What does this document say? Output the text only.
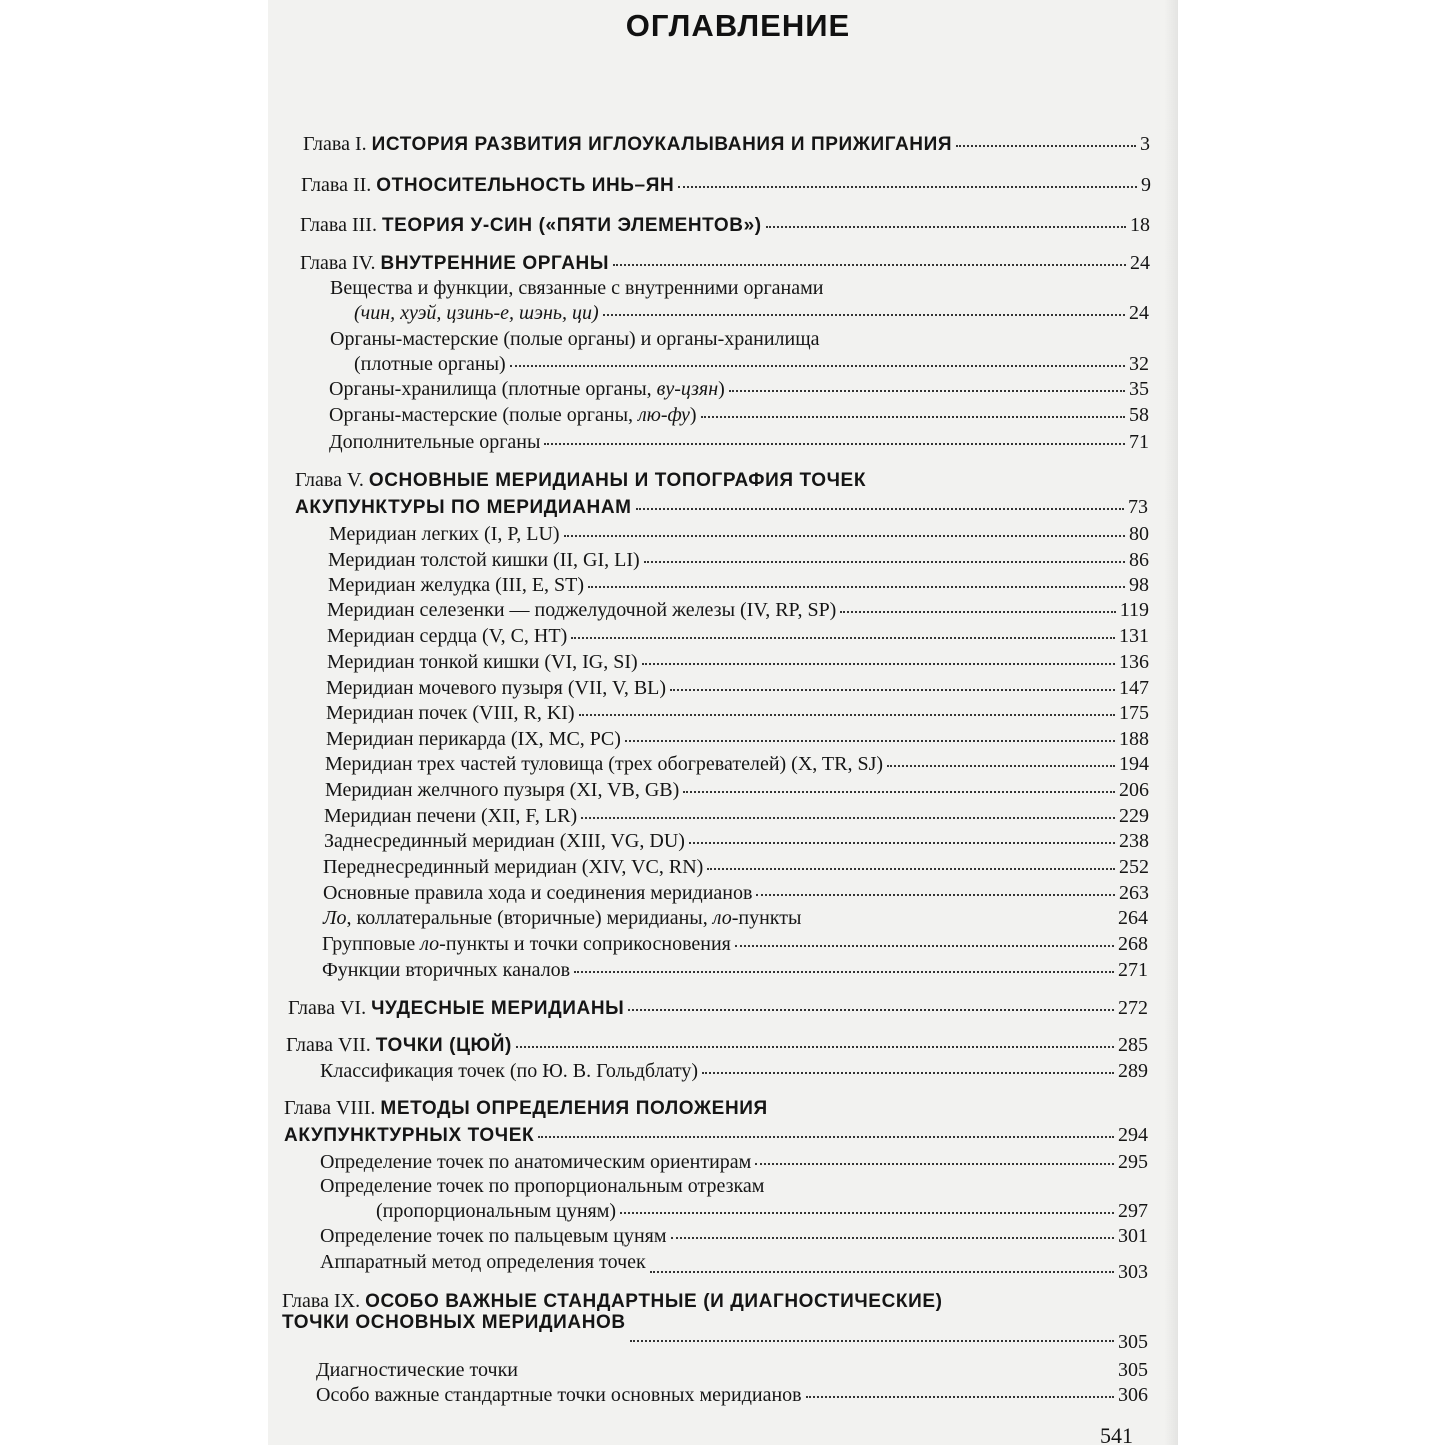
ОГЛАВЛЕНИЕ
Глава I. ИСТОРИЯ РАЗВИТИЯ ИГЛОУКАЛЫВАНИЯ И ПРИЖИГАНИЯ	3
Глава II. ОТНОСИТЕЛЬНОСТЬ ИНЬ–ЯН	9
Глава III. ТЕОРИЯ У-СИН («ПЯТИ ЭЛЕМЕНТОВ»)	18
Глава IV. ВНУТРЕННИЕ ОРГАНЫ	24
Вещества и функции, связанные с внутренними органами
(чин, хуэй, цзинь-е, шэнь, ци)	24
Органы-мастерские (полые органы) и органы-хранилища
(плотные органы)	32
Органы-хранилища (плотные органы, ву-цзян)	35
Органы-мастерские (полые органы, лю-фу)	58
Дополнительные органы	71
Глава V. ОСНОВНЫЕ МЕРИДИАНЫ И ТОПОГРАФИЯ ТОЧЕК
АКУПУНКТУРЫ ПО МЕРИДИАНАМ	73
Меридиан легких (I, P, LU)	80
Меридиан толстой кишки (II, GI, LI)	86
Меридиан желудка (III, E, ST)	98
Меридиан селезенки — поджелудочной железы (IV, RP, SP)	119
Меридиан сердца (V, C, HT)	131
Меридиан тонкой кишки (VI, IG, SI)	136
Меридиан мочевого пузыря (VII, V, BL)	147
Меридиан почек (VIII, R, KI)	175
Меридиан перикарда (IX, MC, PC)	188
Меридиан трех частей туловища (трех обогревателей) (X, TR, SJ)	194
Меридиан желчного пузыря (XI, VB, GB)	206
Меридиан печени (XII, F, LR)	229
Заднесрединный меридиан (XIII, VG, DU)	238
Переднесрединный меридиан (XIV, VC, RN)	252
Основные правила хода и соединения меридианов	263
Ло, коллатеральные (вторичные) меридианы, ло-пункты	264
Групповые ло-пункты и точки соприкосновения	268
Функции вторичных каналов	271
Глава VI. ЧУДЕСНЫЕ МЕРИДИАНЫ	272
Глава VII. ТОЧКИ (ЦЮЙ)	285
Классификация точек (по Ю. В. Гольдблату)	289
Глава VIII. МЕТОДЫ ОПРЕДЕЛЕНИЯ ПОЛОЖЕНИЯ
АКУПУНКТУРНЫХ ТОЧЕК	294
Определение точек по анатомическим ориентирам	295
Определение точек по пропорциональным отрезкам
(пропорциональным цуням)	297
Определение точек по пальцевым цуням	301
Аппаратный метод определения точек	303
Глава IX. ОСОБО ВАЖНЫЕ СТАНДАРТНЫЕ (И ДИАГНОСТИЧЕСКИЕ)
ТОЧКИ ОСНОВНЫХ МЕРИДИАНОВ
305
Диагностические точки	305
Особо важные стандартные точки основных меридианов	306
541
